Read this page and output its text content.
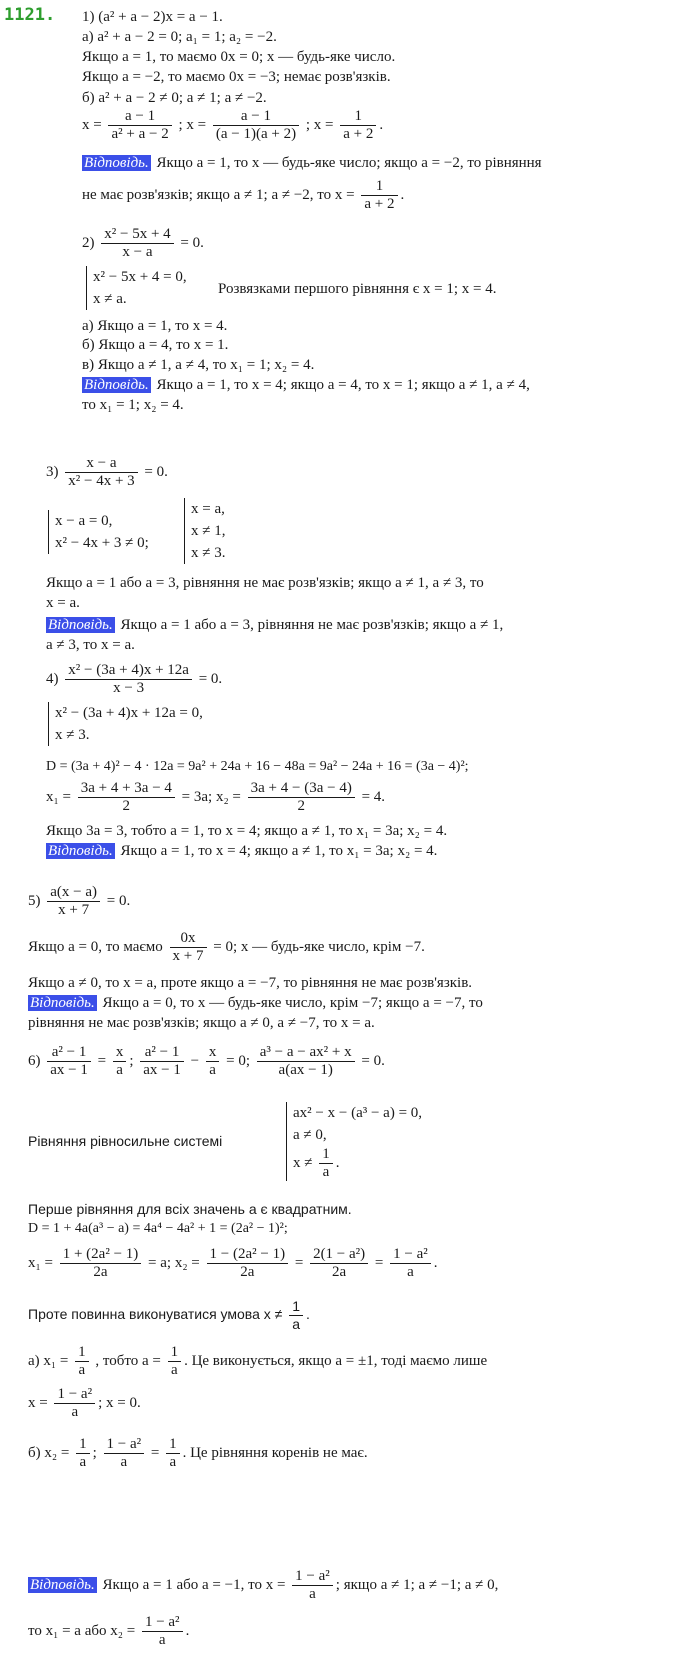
1121. 1) (a² + a − 2)x = a − 1.
а) a² + a − 2 = 0; a₁ = 1; a₂ = −2.
Якщо a = 1, то маємо 0x = 0; x — будь-яке число.
Якщо a = −2, то маємо 0x = −3; немає розв'язків.
б) a² + a − 2 ≠ 0; a ≠ 1; a ≠ −2.
$x = \frac{a - 1}{\text{a² + a − 2}}$ ; $x = \frac{a - 1}{(a - 1)(a + 2)}$ ; $x = \frac{1}{a + 2}$ .
Відповідь. Якщо a = 1, то x — будь-яке число; якщо a = −2, то рівняння
не має розв'язків; якщо a ≠ 1; a ≠ −2, то $x = \frac{1}{a + 2}$ .
$2) \frac{\text{x² − 5x + 4}}{x - a} = 0$.
x² − 5x + 4 = 0,
x ≠ a.
Розвязками першого рівняння є x = 1; x = 4.
а) Якщо a = 1, то x = 4.
б) Якщо a = 4, то x = 1.
в) Якщо a ≠ 1, a ≠ 4, то x₁ = 1; x₂ = 4.
Відповідь. Якщо a = 1, то x = 4; якщо a = 4, то x = 1; якщо a ≠ 1, a ≠ 4,
то x₁ = 1; x₂ = 4.
$3) \frac{x - a}{\text{x² − 4x + 3}} = 0$.
x − a = 0,
x² − 4x + 3 ≠ 0;
x = a,
x ≠ 1,
x ≠ 3.
Якщо a = 1 або a = 3, рівняння не має розв'язків; якщо a ≠ 1, a ≠ 3, то
x = a.
Відповідь. Якщо a = 1 або a = 3, рівняння не має розв'язків; якщо a ≠ 1,
a ≠ 3, то x = a.
$4) \frac{\text{x² − (3a + 4)x + 12a}}{x - 3} = 0$.
x² − (3a + 4)x + 12a = 0,
x ≠ 3.
D = (3a + 4)² − 4 · 12a = 9a² + 24a + 16 − 48a = 9a² − 24a + 16 = (3a − 4)²;
$x_1 = \frac{3a + 4 + 3a - 4}{2} = 3a$; $x_2 = \frac{3a + 4 - (3a - 4)}{2} = 4$.
Якщо 3a = 3, тобто a = 1, то x = 4; якщо a ≠ 1, то x₁ = 3a; x₂ = 4.
Відповідь. Якщо a = 1, то x = 4; якщо a ≠ 1, то x₁ = 3a; x₂ = 4.
$5) \frac{a(x - a)}{x + 7} = 0$.
Якщо a = 0, то маємо $\frac{0x}{x + 7} = 0$; x — будь-яке число, крім −7.
Якщо a ≠ 0, то x = a, проте якщо a = −7, то рівняння не має розв'язків.
Відповідь. Якщо a = 0, то x — будь-яке число, крім −7; якщо a = −7, то
рівняння не має розв'язків; якщо a ≠ 0, a ≠ −7, то x = a.
$6) \frac{\text{a² − 1}}{ax - 1} = \frac{x}{a}$ ; $\frac{\text{a² − 1}}{ax - 1} - \frac{x}{a} = 0$; $\frac{\text{a³ − a − ax² + x}}{a(ax - 1)} = 0$.
Рівняння рівносильне системі
ax² − x − (a³ − a) = 0,
a ≠ 0,
$x \ne \frac{1}{a}$ .
Перше рівняння для всіх значень a є квадратним.
D = 1 + 4a(a³ − a) = 4a⁴ − 4a² + 1 = (2a² − 1)²;
$x_1 = \frac{\text{1 + (2a² − 1)}}{2a} = a$; $x_2 = \frac{\text{1 − (2a² − 1)}}{2a} = \frac{\text{2(1 − a²)}}{2a} = \frac{\text{1 − a²}}{a}$ .
Проте повинна виконуватися умова $x \ne \frac{1}{a}$ .
а) $x_1 = \frac{1}{a}$ , тобто $a = \frac{1}{a}$ . Це виконується, якщо a = ±1, тоді маємо лише
$x = \frac{\text{1 − a²}}{a}$ ; x = 0.
б) $x_2 = \frac{1}{a}$ ; $\frac{\text{1 − a²}}{a} = \frac{1}{a}$ . Це рівняння коренів не має.
Відповідь. Якщо a = 1 або a = −1, то $x = \frac{\text{1 − a²}}{a}$ ; якщо a ≠ 1; a ≠ −1; a ≠ 0,
то x₁ = a або $x_2 = \frac{\text{1 − a²}}{a}$ .
